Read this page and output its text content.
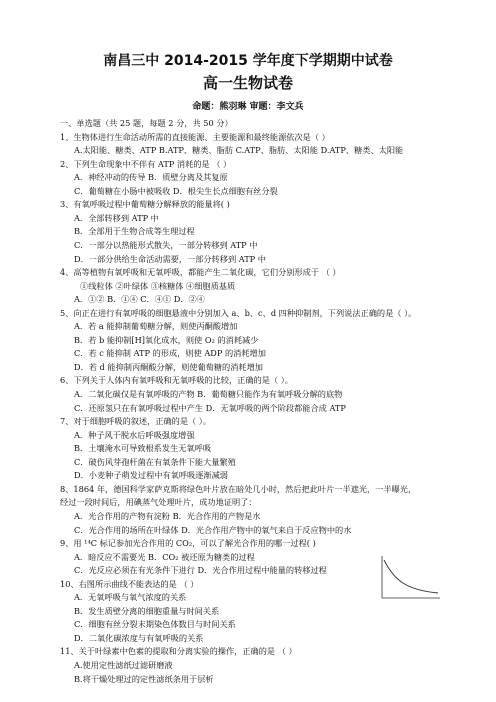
南昌三中 2014-2015 学年度下学期期中试卷
高一生物试卷
命题：熊羽琳 审题：李文兵
一、单选题（共 25 题，每题 2 分，共 50 分）
1、生物体进行生命活动所需的直接能源、主要能源和最终能源依次是（ ）
A.太阳能、糖类、ATP B.ATP、糖类、脂肪 C.ATP、脂肪、太阳能 D.ATP、糖类、太阳能
2、下列生命现象中不伴有 ATP 消耗的是 （ ）
A．神经冲动的传导 B．质壁分离及其复原
C．葡萄糖在小肠中被吸收 D．根尖生长点细胞有丝分裂
3、有氧呼吸过程中葡萄糖分解释放的能量将( )
A．全部转移到 ATP 中
B．全部用于生物合成等生理过程
C．一部分以热能形式散失，一部分转移到 ATP 中
D．一部分供给生命活动需要，一部分转移到 ATP 中
4、高等植物有氧呼吸和无氧呼吸，都能产生二氧化碳，它们分别形成于 （ ）
①线粒体 ②叶绿体 ③核糖体 ④细胞质基质
A．①② B．①④ C．④① D．②④
5、向正在进行有氧呼吸的细胞悬液中分别加入 a、b、c、d 四种抑制剂，下列说法正确的是（ ）。
A．若 a 能抑制葡萄糖分解，则使丙酮酸增加
B．若 b 能抑制[H]氧化成水，则使 O₂ 的消耗减少
C．若 c 能抑制 ATP 的形成，则使 ADP 的消耗增加
D．若 d 能抑制丙酮酸分解，则使葡萄糖的消耗增加
6、下列关于人体内有氧呼吸和无氧呼吸的比较，正确的是（ ）。
A．二氧化碳仅是有氧呼吸的产物 B．葡萄糖只能作为有氧呼吸分解的底物
C．还原氢只在有氧呼吸过程中产生 D．无氧呼吸的两个阶段都能合成 ATP
7、对于细胞呼吸的叙述，正确的是（ ）。
A．种子风干脱水后呼吸强度增强
B．土壤淹水可导致根系发生无氧呼吸
C．破伤风芽孢杆菌在有氧条件下能大量繁殖
D．小麦种子萌发过程中有氧呼吸逐渐减弱
8、1864 年，德国科学家萨克斯将绿色叶片放在暗处几小时，然后把此叶片一半遮光，一半曝光，
经过一段时间后，用碘蒸气处理叶片，成功地证明了：
A．光合作用的产物有淀粉 B．光合作用的产物是水
C．光合作用的场所在叶绿体 D．光合作用产物中的氧气来自于反应物中的水
9、用 ¹⁴C 标记参加光合作用的 CO₂，可以了解光合作用的哪一过程( )
A．暗反应不需要光 B．CO₂ 被还原为糖类的过程
C．光反应必须在有光条件下进行 D．光合作用过程中能量的转移过程
10、右图所示曲线不能表达的是 （ ）
A．无氧呼吸与氧气浓度的关系
B．发生质壁分离的细胞重量与时间关系
C．细胞有丝分裂末期染色体数目与时间关系
D．二氧化碳浓度与有氧呼吸的关系
11、关于叶绿素中色素的提取和分离实验的操作，正确的是 （ ）
A.使用定性滤纸过滤研磨液
B.将干燥处理过的定性滤纸条用于层析
